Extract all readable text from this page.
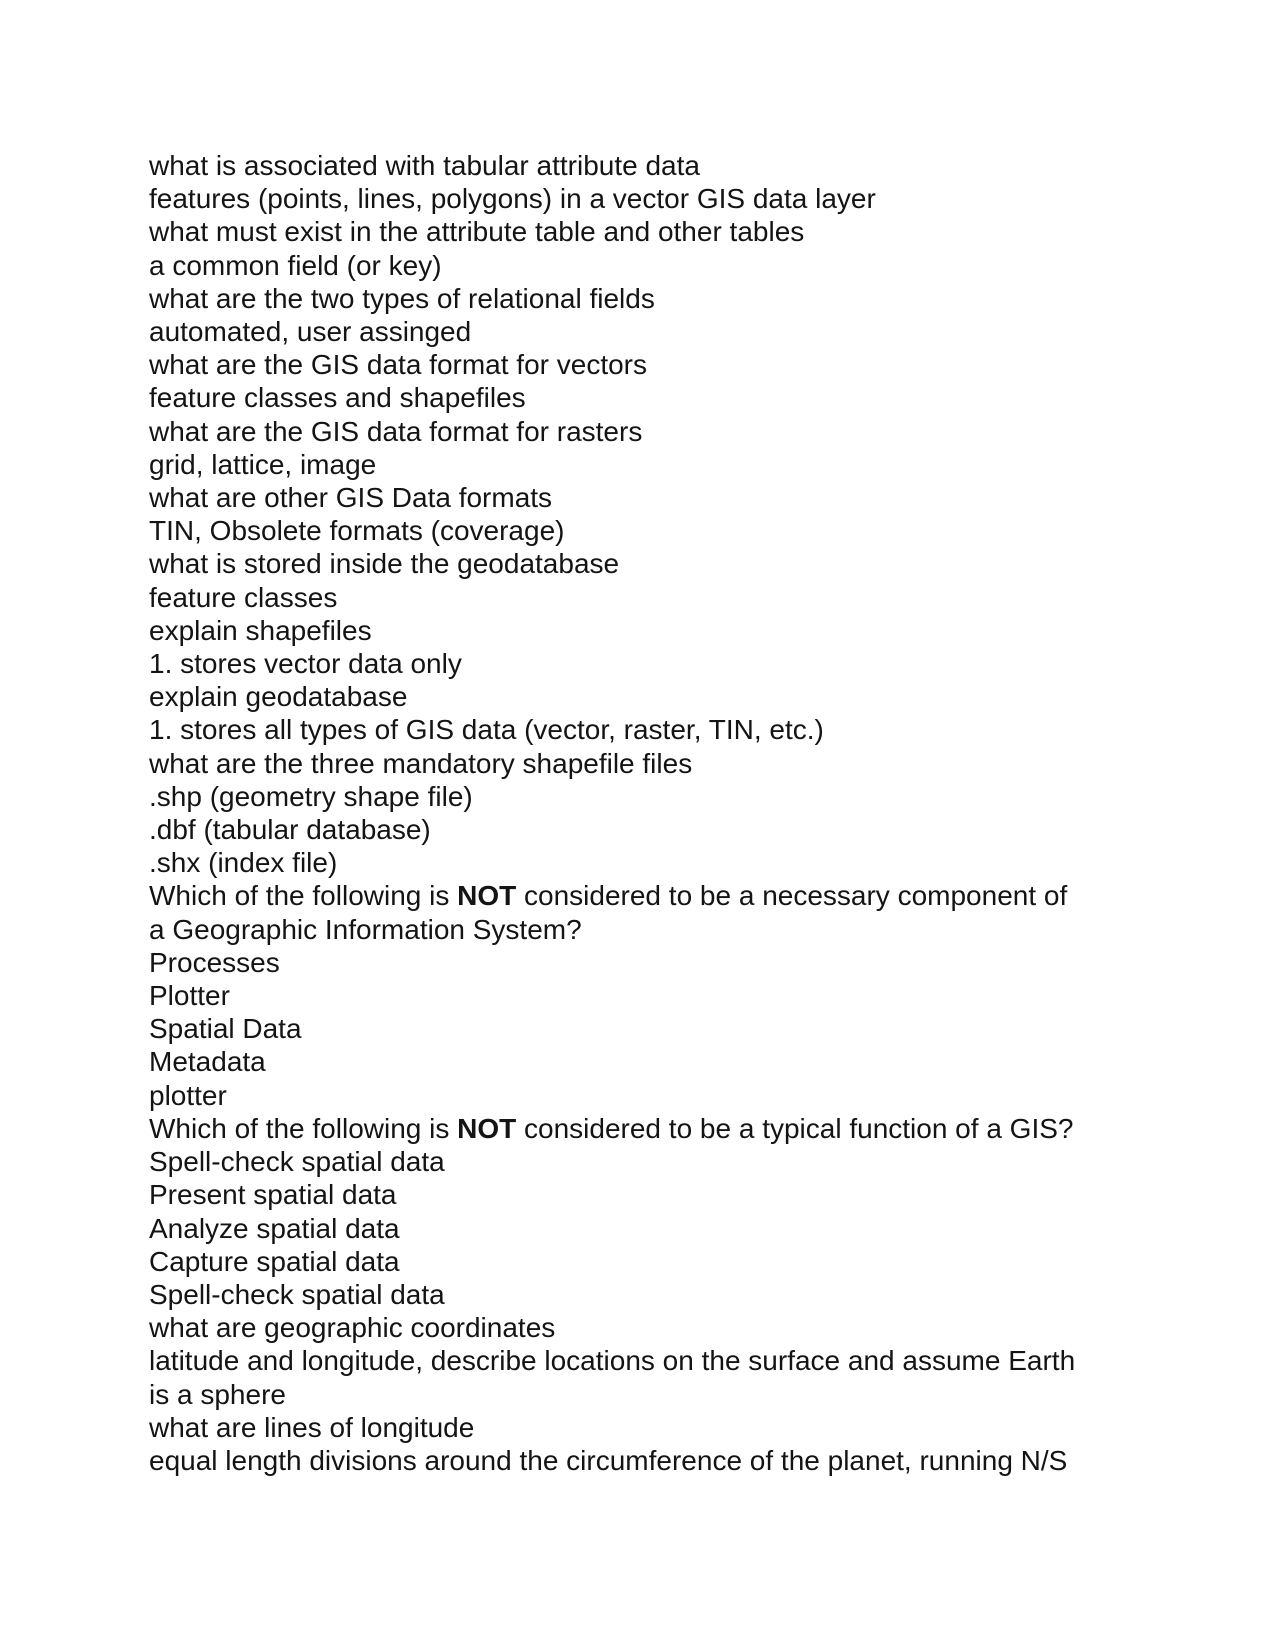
what is associated with tabular attribute data
features (points, lines, polygons) in a vector GIS data layer
what must exist in the attribute table and other tables
a common field (or key)
what are the two types of relational fields
automated, user assinged
what are the GIS data format for vectors
feature classes and shapefiles
what are the GIS data format for rasters
grid, lattice, image
what are other GIS Data formats
TIN, Obsolete formats (coverage)
what is stored inside the geodatabase
feature classes
explain shapefiles
1. stores vector data only
explain geodatabase
1. stores all types of GIS data (vector, raster, TIN, etc.)
what are the three mandatory shapefile files
.shp (geometry shape file)
.dbf (tabular database)
.shx (index file)
Which of the following is NOT considered to be a necessary component of
a Geographic Information System?
Processes
Plotter
Spatial Data
Metadata
plotter
Which of the following is NOT considered to be a typical function of a GIS?
Spell-check spatial data
Present spatial data
Analyze spatial data
Capture spatial data
Spell-check spatial data
what are geographic coordinates
latitude and longitude, describe locations on the surface and assume Earth
is a sphere
what are lines of longitude
equal length divisions around the circumference of the planet, running N/S
